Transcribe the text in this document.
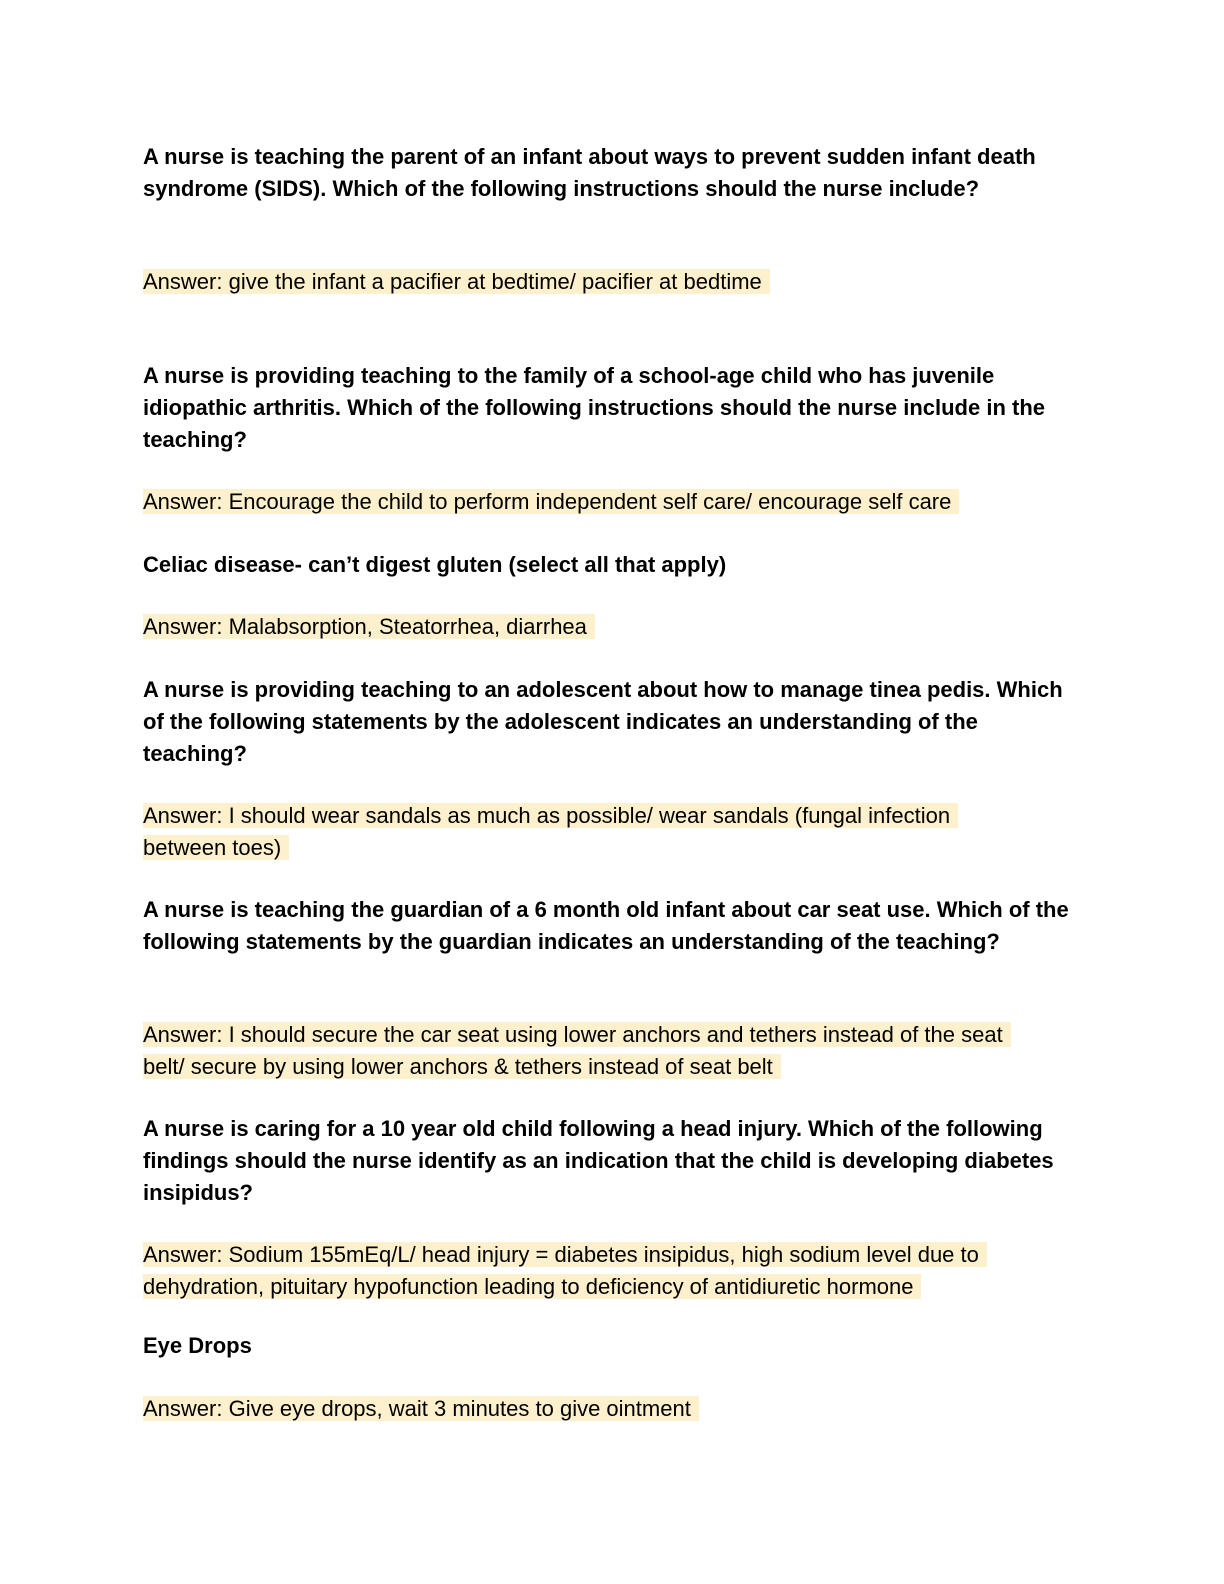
A nurse is teaching the parent of an infant about ways to prevent sudden infant death syndrome (SIDS). Which of the following instructions should the nurse include?
Answer: give the infant a pacifier at bedtime/ pacifier at bedtime
A nurse is providing teaching to the family of a school-age child who has juvenile idiopathic arthritis. Which of the following instructions should the nurse include in the teaching?
Answer: Encourage the child to perform independent self care/ encourage self care
Celiac disease- can’t digest gluten (select all that apply)
Answer: Malabsorption, Steatorrhea, diarrhea
A nurse is providing teaching to an adolescent about how to manage tinea pedis. Which of the following statements by the adolescent indicates an understanding of the teaching?
Answer: I should wear sandals as much as possible/ wear sandals (fungal infection between toes)
A nurse is teaching the guardian of a 6 month old infant about car seat use. Which of the following statements by the guardian indicates an understanding of the teaching?
Answer: I should secure the car seat using lower anchors and tethers instead of the seat belt/ secure by using lower anchors & tethers instead of seat belt
A nurse is caring for a 10 year old child following a head injury. Which of the following findings should the nurse identify as an indication that the child is developing diabetes insipidus?
Answer: Sodium 155mEq/L/ head injury = diabetes insipidus, high sodium level due to dehydration, pituitary hypofunction leading to deficiency of antidiuretic hormone
Eye Drops
Answer: Give eye drops, wait 3 minutes to give ointment
